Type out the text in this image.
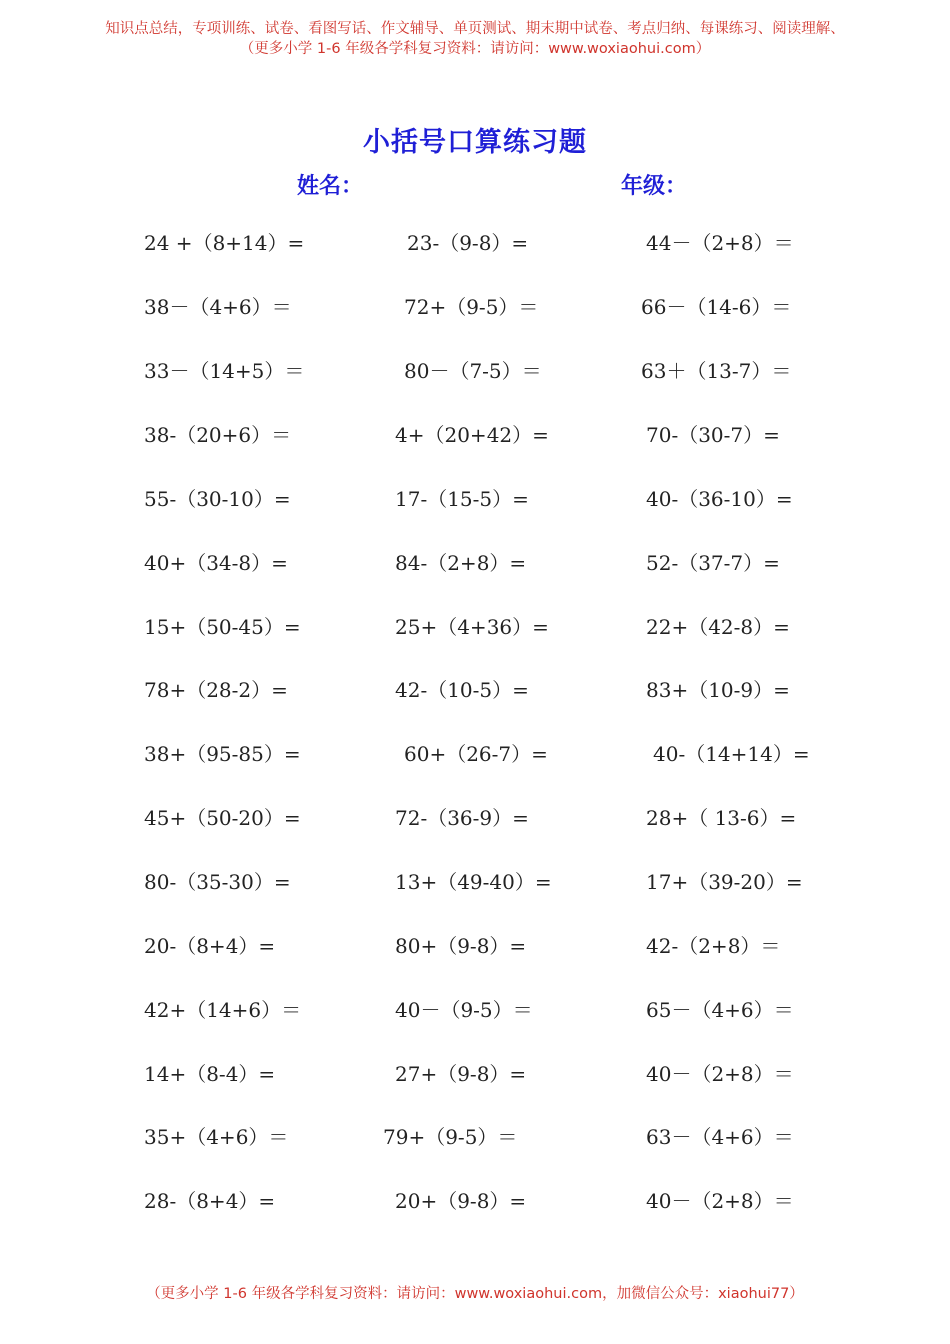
知识点总结，专项训练、试卷、看图写话、作文辅导、单页测试、期末期中试卷、考点归纳、每课练习、阅读理解、
（更多小学 1-6 年级各学科复习资料：请访问：www.woxiaohui.com）
小括号口算练习题
姓名：	年级：
24 +（8+14）=	23-（9-8）=	44－（2+8）＝
38－（4+6）＝	72+（9-5）＝	66－（14-6）＝
33－（14+5）＝	80－（7-5）＝	63＋（13-7）＝
38-（20+6）＝	4+（20+42）=	70-（30-7）=
55-（30-10）=	17-（15-5）=	40-（36-10）=
40+（34-8）=	84-（2+8）=	52-（37-7）=
15+（50-45）=	25+（4+36）=	22+（42-8）=
78+（28-2）=	42-（10-5）=	83+（10-9）=
38+（95-85）=	60+（26-7）=	40-（14+14）=
45+（50-20）=	72-（36-9）=	28+（ 13-6）=
80-（35-30）=	13+（49-40）=	17+（39-20）=
20-（8+4）=	80+（9-8）=	42-（2+8）＝
42+（14+6）＝	40－（9-5）＝	65－（4+6）＝
14+（8-4）=	27+（9-8）=	40－（2+8）＝
35+（4+6）＝	79+（9-5）＝	63－（4+6）＝
28-（8+4）=	20+（9-8）=	40－（2+8）＝
（更多小学 1-6 年级各学科复习资料：请访问：www.woxiaohui.com，加微信公众号：xiaohui77）
